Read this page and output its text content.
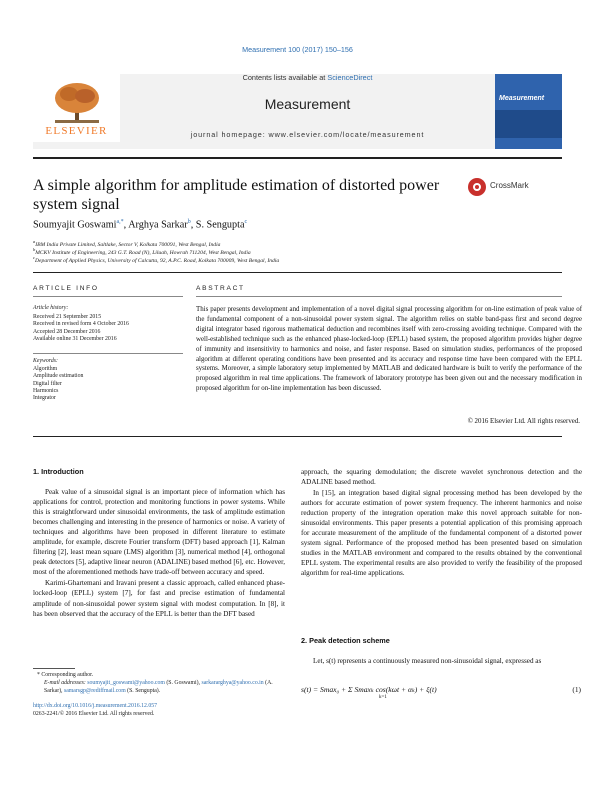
Measurement 100 (2017) 150–156
ELSEVIER
Contents lists available at ScienceDirect
Measurement
journal homepage: www.elsevier.com/locate/measurement
Measurement
A simple algorithm for amplitude estimation of distorted power system signal
CrossMark
Soumyajit Goswami$^{a,*}$, Arghya Sarkar$^b$, S. Sengupta$^c$
$^a$IBM India Private Limited, Saltlake, Sector V, Kolkata 700091, West Bengal, India
$^b$MCKV Institute of Engineering, 243 G.T. Road (N), Liluah, Howrah 711204, West Bengal, India
$^c$Department of Applied Physics, University of Calcutta, 92, A.P.C. Road, Kolkata 700009, West Bengal, India
ARTICLE INFO
Article history:
Received 21 September 2015
Received in revised form 4 October 2016
Accepted 28 December 2016
Available online 31 December 2016
Keywords:
Algorithm
Amplitude estimation
Digital filter
Harmonics
Integrator
ABSTRACT
This paper presents development and implementation of a novel digital signal processing algorithm for on-line estimation of peak value of the fundamental component of a non-sinusoidal power system signal. The algorithm relies on stable band-pass first and second degree digital integrator based rigorous mathematical deduction and recombines itself with zero-crossing avoiding technique. Compared with the well-established technique such as the enhanced phase-locked-loop (EPLL) based system, the proposed algorithm provides higher degree of immunity and insensitivity to harmonics and noise, and faster response. Based on simulation studies, performances of the proposed algorithm at different operating conditions have been presented and its accuracy and response time have been compared with the EPLL systems. Moreover, a simple laboratory setup implemented by MATLAB and dedicated hardware is built to verify the performance of the proposed algorithm in real time applications. The framework of laboratory prototype has been given out and the necessary modification in proposed algorithm for on-line implementation has been discussed.
© 2016 Elsevier Ltd. All rights reserved.
1. Introduction

Peak value of a sinusoidal signal is an important piece of information which has applications for control, protection and monitoring functions in power systems. While this is straightforward under sinusoidal environments, the task of amplitude estimation becomes challenging and interesting in the presence of harmonics or noise. A variety of techniques and algorithms have been proposed in different literature to estimate amplitude, for example, discrete Fourier transform (DFT) based approach [1], Kalman filtering [2], least mean square (LMS) algorithm [3], numerical method [4], orthogonal peak detectors [5], adaptive linear neuron (ADALINE) based method [6], etc. However, most of the aforementioned methods have trade-off between accuracy and speed.

Karimi-Ghartemani and Iravani present a classic approach, called enhanced phase-locked-loop (EPLL) system [7], for fast and precise estimation of fundamental amplitude of non-sinusoidal power system signal with modest computation. In [8], it has been observed that the accuracy of the EPLL is better than the DFT based

approach, the squaring demodulation; the discrete wavelet synchronous detection and the ADALINE based method.

In [15], an integration based digital signal processing method has been developed by the authors for accurate estimation of power system frequency. The inherent harmonics and noise reduction property of the integration operation make this novel approach suitable for non-sinusoidal environments. This paper presents a potential application of this promising approach for accurate measurement of the amplitude of the fundamental component of a distorted power system signal. Performance of the proposed method has been presented based on simulation studies in the MATLAB environment and compared to the results obtained by the conventional EPLL system. The experimental results are also provided to verify the feasibility of the proposed algorithm for real-time applications.

2. Peak detection scheme

Let, s(t) represents a continuously measured non-sinusoidal signal, expressed as

s(t) = Smax₀ + Σ Smaxₖ cos(kωt + αₖ) + ξ(t)
k=1
(1)
* Corresponding author.
E-mail addresses: soumyajit_goswami@yahoo.com (S. Goswami), sarkararghya@yahoo.co.in (A. Sarkar), samarsgp@rediffmail.com (S. Sengupta).
http://dx.doi.org/10.1016/j.measurement.2016.12.057
0263-2241/© 2016 Elsevier Ltd. All rights reserved.
